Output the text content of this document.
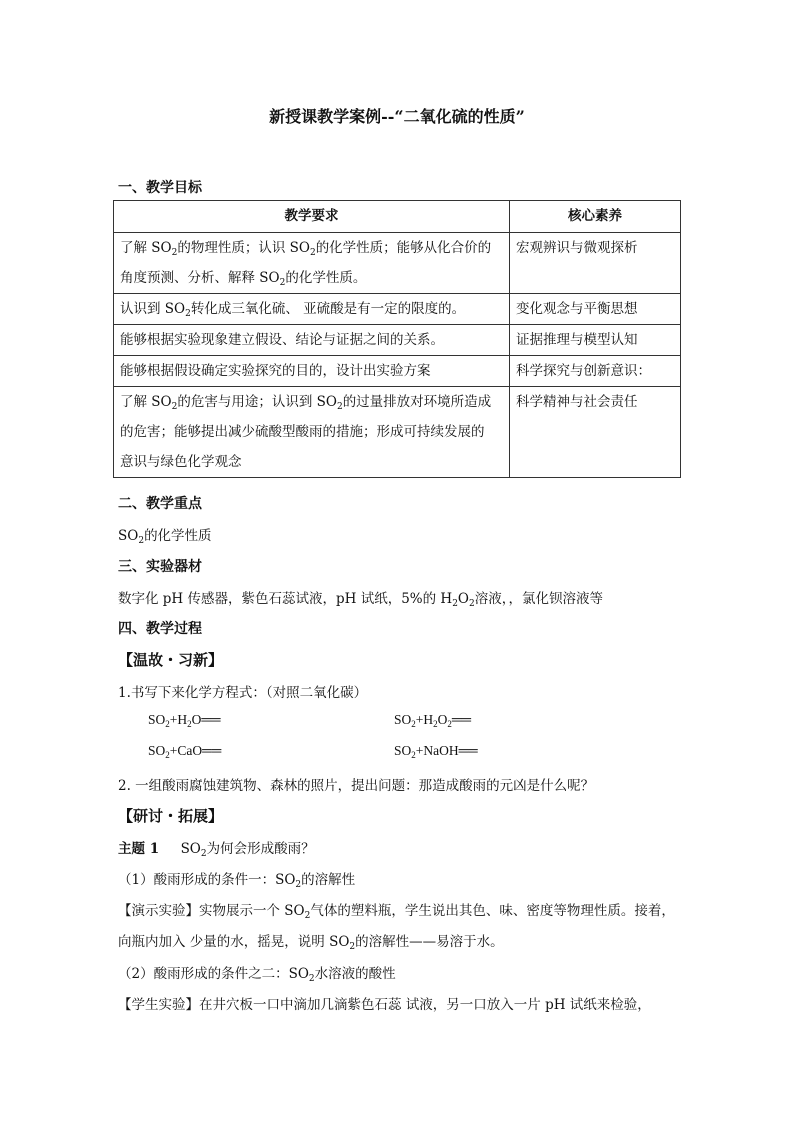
新授课教学案例--“二氧化硫的性质”
一、教学目标
教学要求	核心素养
了解 $SO_2$的物理性质；认识 $SO_2$的化学性质；能够从化合价的
角度预测、分析、解释 $SO_2$的化学性质。	宏观辨识与微观探析
认识到 $SO_2$转化成三氧化硫、 亚硫酸是有一定的限度的。	变化观念与平衡思想
能够根据实验现象建立假设、结论与证据之间的关系。	证据推理与模型认知
能够根据假设确定实验探究的目的，设计出实验方案	科学探究与创新意识：
了解 $SO_2$的危害与用途；认识到 $SO_2$的过量排放对环境所造成
的危害；能够提出减少硫酸型酸雨的措施；形成可持续发展的
意识与绿色化学观念	科学精神与社会责任
二、教学重点
$SO_2$的化学性质
三、实验器材
数字化 pH 传感器，紫色石蕊试液，pH 试纸，5%的 $H_2O_2$溶液，，氯化钡溶液等
四、教学过程
【温故・习新】
1.书写下来化学方程式：（对照二氧化碳）
$SO_2+H_2O══$	$SO_2+H_2O_2══$
$SO_2+CaO══$	$SO_2+NaOH══$
2. 一组酸雨腐蚀建筑物、森林的照片，提出问题：那造成酸雨的元凶是什么呢？
【研讨・拓展】
主题 1 $SO_2$为何会形成酸雨？
（1）酸雨形成的条件一：$SO_2$的溶解性
【演示实验】实物展示一个 $SO_2$气体的塑料瓶，学生说出其色、味、密度等物理性质。接着，
向瓶内加入 少量的水，摇晃，说明 $SO_2$的溶解性——易溶于水。
（2）酸雨形成的条件之二：$SO_2$水溶液的酸性
【学生实验】在井穴板一口中滴加几滴紫色石蕊 试液，另一口放入一片 pH 试纸来检验，
